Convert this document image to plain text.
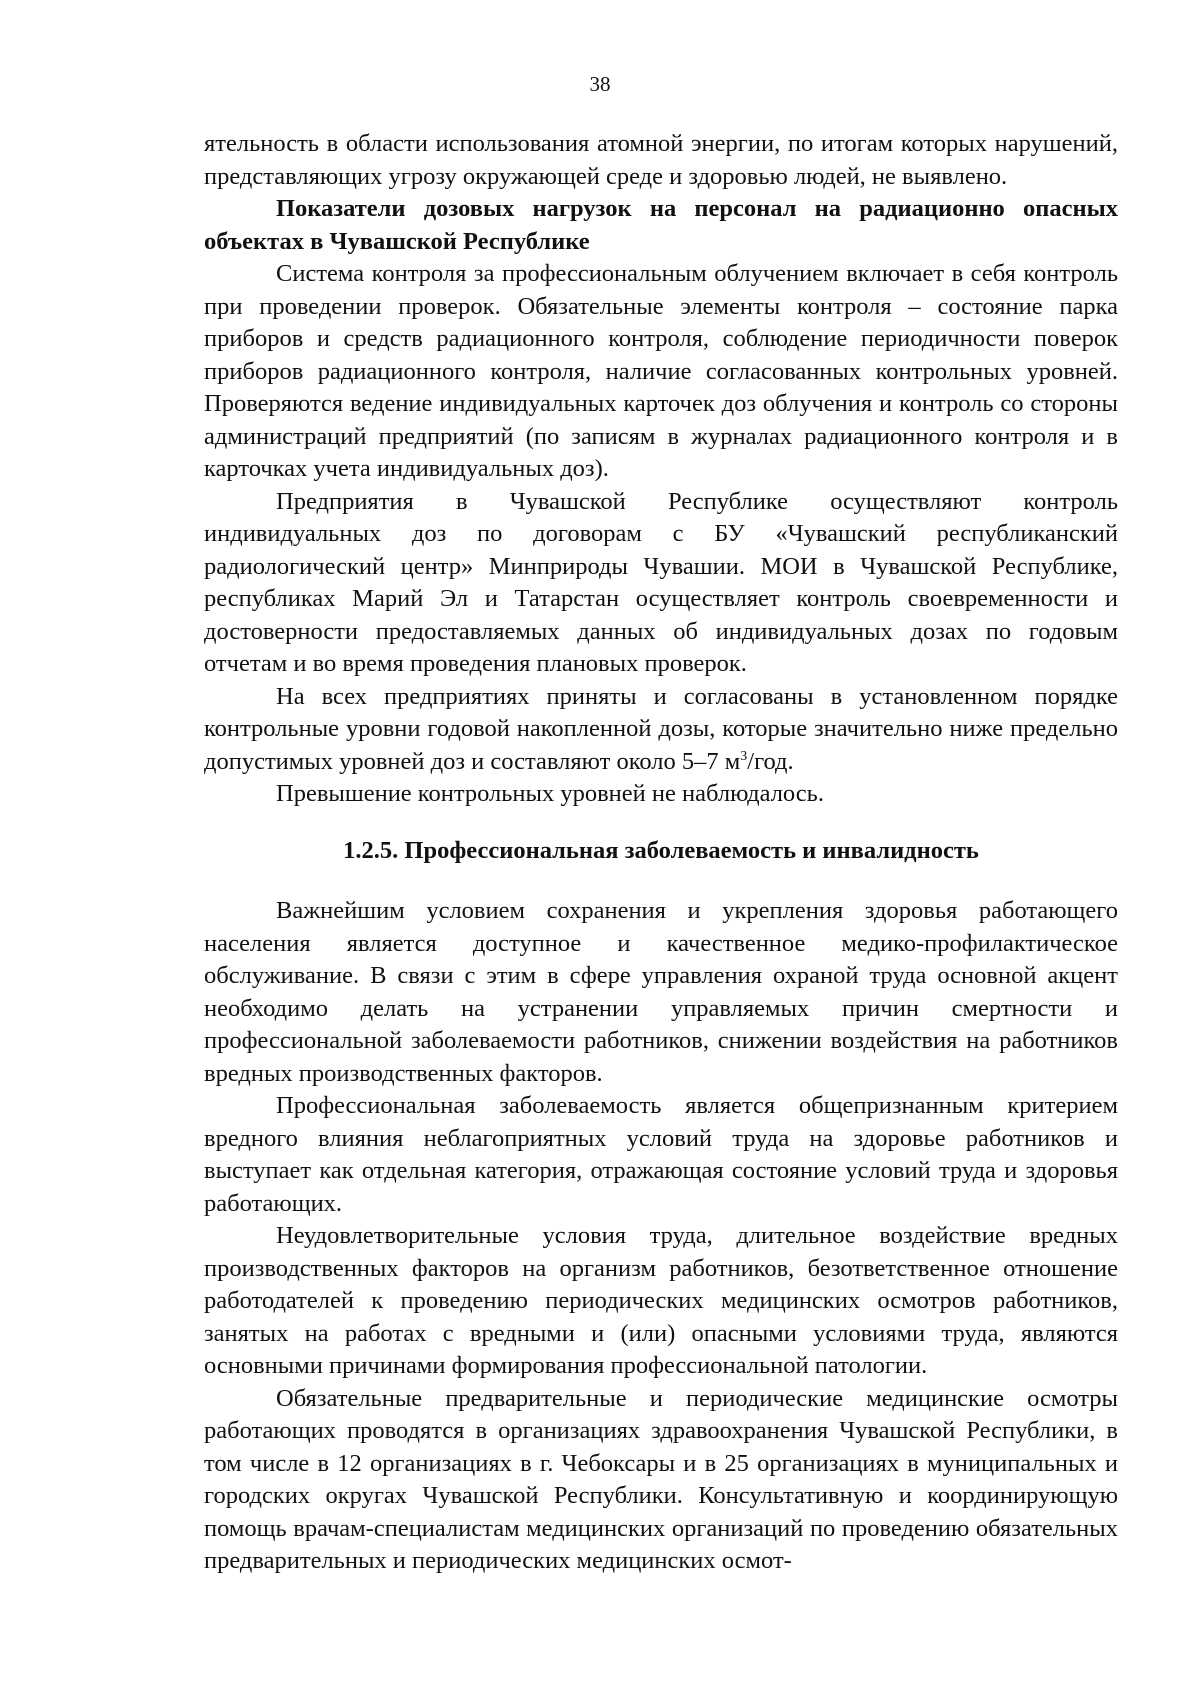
38

ятельность в области использования атомной энергии, по итогам которых нарушений, представляющих угрозу окружающей среде и здоровью людей, не выявлено.

Показатели дозовых нагрузок на персонал на радиационно опасных объектах в Чувашской Республике

Система контроля за профессиональным облучением включает в себя контроль при проведении проверок. Обязательные элементы контроля – состояние парка приборов и средств радиационного контроля, соблюдение периодичности поверок приборов радиационного контроля, наличие согласованных контрольных уровней. Проверяются ведение индивидуальных карточек доз облучения и контроль со стороны администраций предприятий (по записям в журналах радиационного контроля и в карточках учета индивидуальных доз).

Предприятия в Чувашской Республике осуществляют контроль индивидуальных доз по договорам с БУ «Чувашский республиканский радиологический центр» Минприроды Чувашии. МОИ в Чувашской Республике, республиках Марий Эл и Татарстан осуществляет контроль своевременности и достоверности предоставляемых данных об индивидуальных дозах по годовым отчетам и во время проведения плановых проверок.

На всех предприятиях приняты и согласованы в установленном порядке контрольные уровни годовой накопленной дозы, которые значительно ниже предельно допустимых уровней доз и составляют около 5–7 $м^3$/год.

Превышение контрольных уровней не наблюдалось.

1.2.5. Профессиональная заболеваемость и инвалидность

Важнейшим условием сохранения и укрепления здоровья работающего населения является доступное и качественное медико-профилактическое обслуживание. В связи с этим в сфере управления охраной труда основной акцент необходимо делать на устранении управляемых причин смертности и профессиональной заболеваемости работников, снижении воздействия на работников вредных производственных факторов.

Профессиональная заболеваемость является общепризнанным критерием вредного влияния неблагоприятных условий труда на здоровье работников и выступает как отдельная категория, отражающая состояние условий труда и здоровья работающих.

Неудовлетворительные условия труда, длительное воздействие вредных производственных факторов на организм работников, безответственное отношение работодателей к проведению периодических медицинских осмотров работников, занятых на работах с вредными и (или) опасными условиями труда, являются основными причинами формирования профессиональной патологии.

Обязательные предварительные и периодические медицинские осмотры работающих проводятся в организациях здравоохранения Чувашской Республики, в том числе в 12 организациях в г. Чебоксары и в 25 организациях в муниципальных и городских округах Чувашской Республики. Консультативную и координирующую помощь врачам-специалистам медицинских организаций по проведению обязательных предварительных и периодических медицинских осмот-
